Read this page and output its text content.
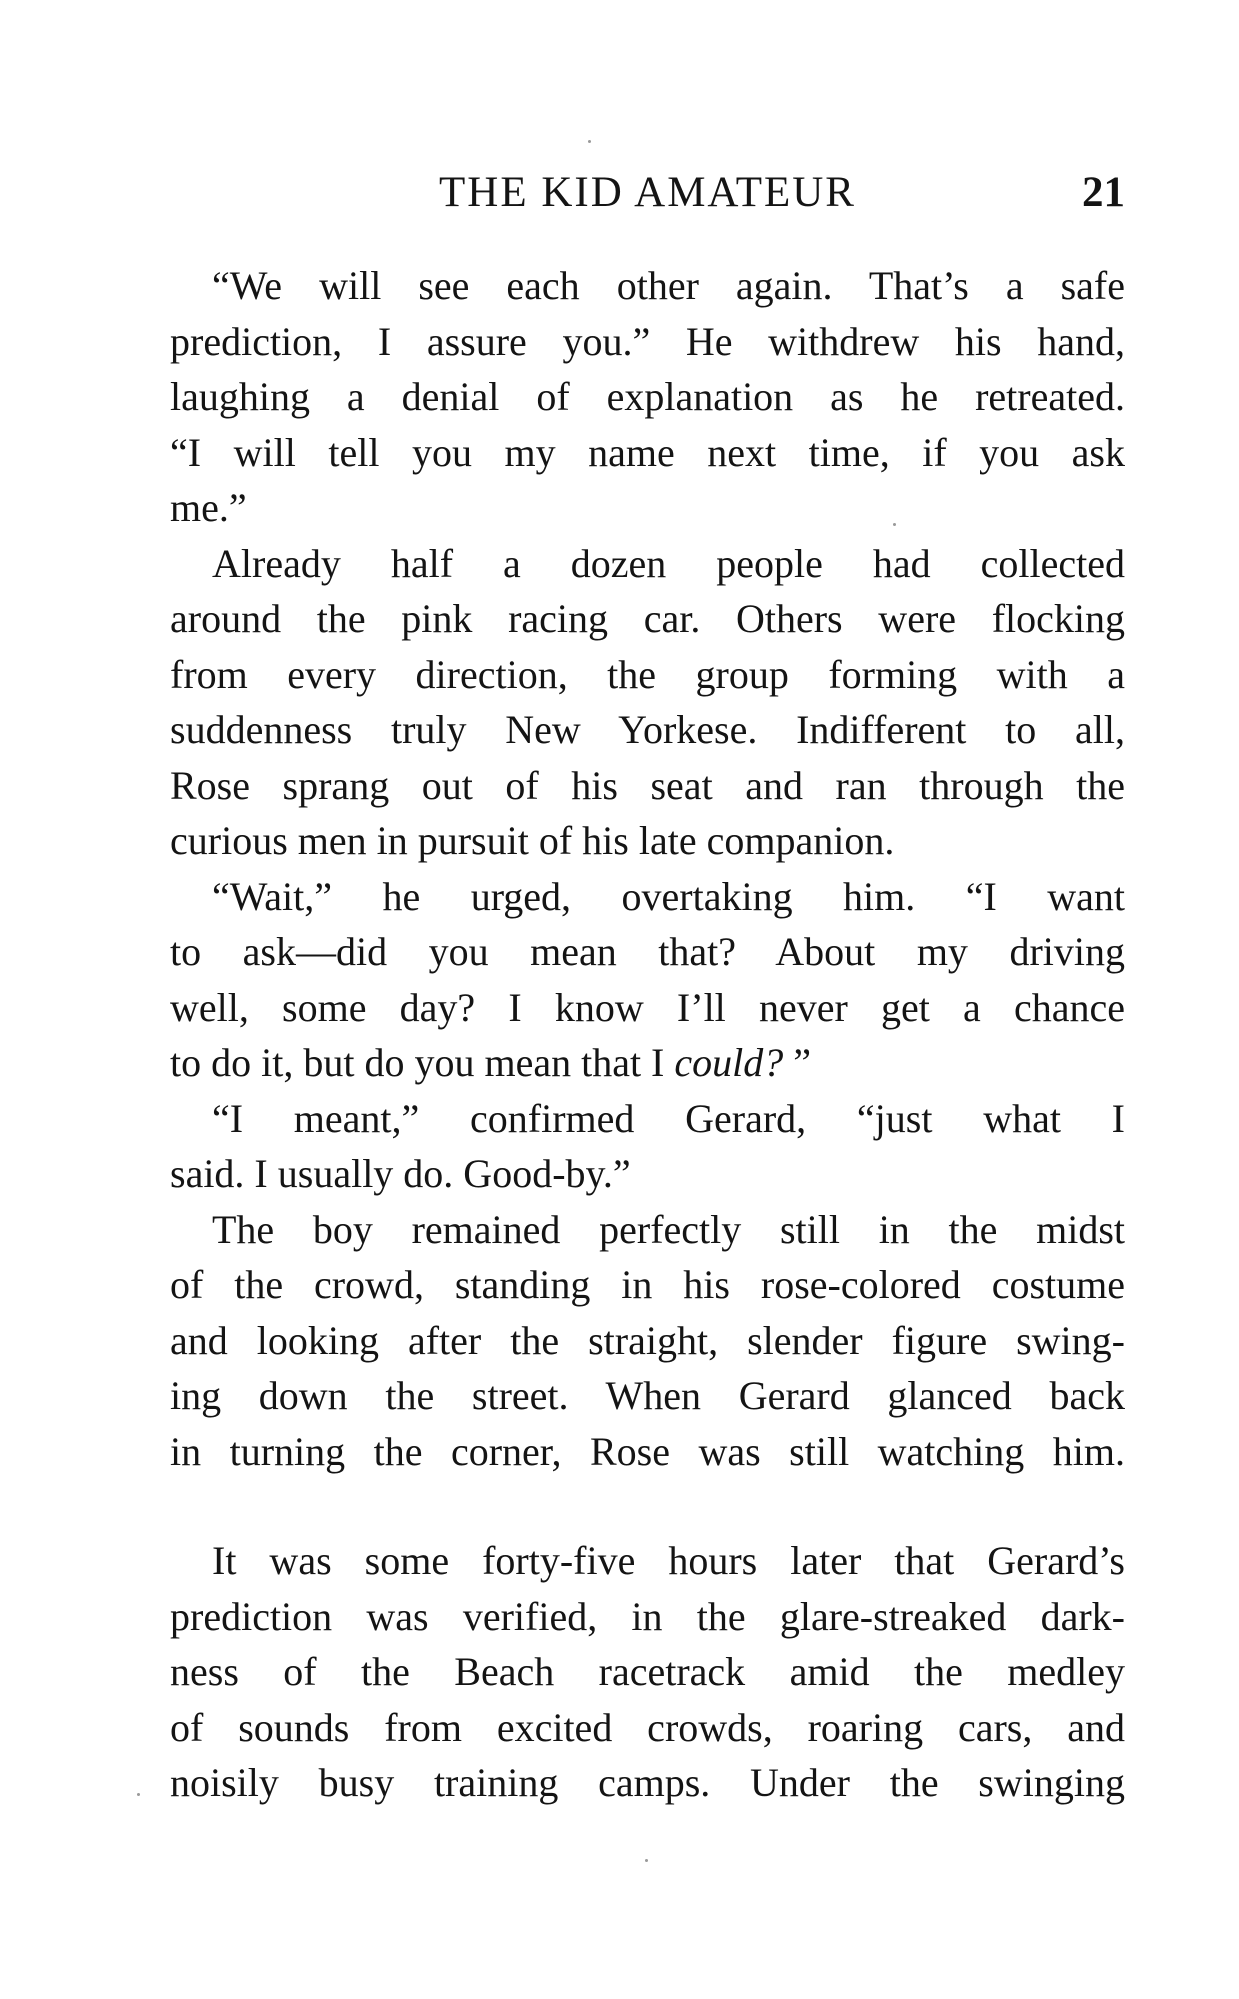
THE KID AMATEUR	21
“We will see each other again. That’s a safe
prediction, I assure you.” He withdrew his hand,
laughing a denial of explanation as he retreated.
“I will tell you my name next time, if you ask
me.”
Already half a dozen people had collected
around the pink racing car. Others were flocking
from every direction, the group forming with a
suddenness truly New Yorkese. Indifferent to all,
Rose sprang out of his seat and ran through the
curious men in pursuit of his late companion.
“Wait,” he urged, overtaking him. “I want
to ask—did you mean that? About my driving
well, some day? I know I’ll never get a chance
to do it, but do you mean that I could? ”
“I meant,” confirmed Gerard, “just what I
said. I usually do. Good-by.”
The boy remained perfectly still in the midst
of the crowd, standing in his rose-colored costume
and looking after the straight, slender figure swing-
ing down the street. When Gerard glanced back
in turning the corner, Rose was still watching him.
It was some forty-five hours later that Gerard’s
prediction was verified, in the glare-streaked dark-
ness of the Beach racetrack amid the medley
of sounds from excited crowds, roaring cars, and
noisily busy training camps. Under the swinging
